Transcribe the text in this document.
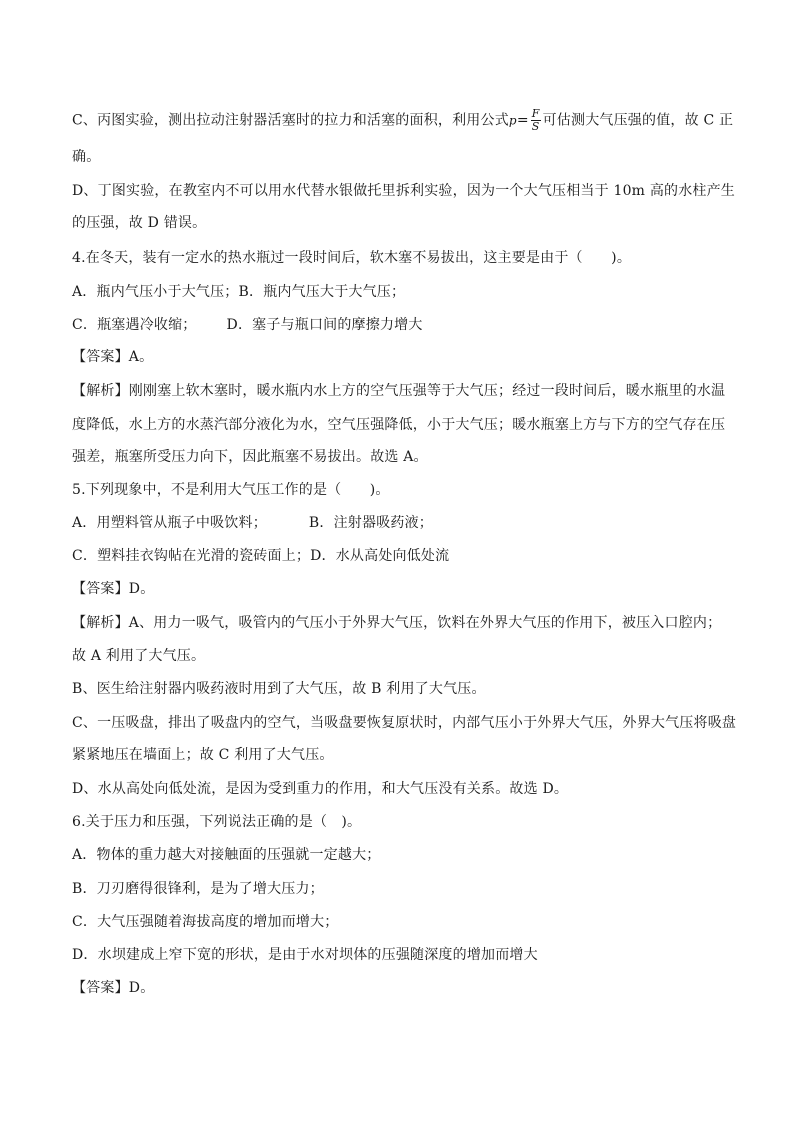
C、丙图实验，测出拉动注射器活塞时的拉力和活塞的面积，利用公式$p= \frac{F}{S}$ 可估测大气压强的值，故 C 正
确。
D、丁图实验，在教室内不可以用水代替水银做托里拆利实验，因为一个大气压相当于 10m 高的水柱产生
的压强，故 D 错误。
4.在冬天，装有一定水的热水瓶过一段时间后，软木塞不易拔出，这主要是由于（　　)。
A．瓶内气压小于大气压；B．瓶内气压大于大气压；
C．瓶塞遇冷收缩； D．塞子与瓶口间的摩擦力增大
【答案】A。
【解析】刚刚塞上软木塞时，暖水瓶内水上方的空气压强等于大气压；经过一段时间后，暖水瓶里的水温
度降低，水上方的水蒸汽部分液化为水，空气压强降低，小于大气压；暖水瓶塞上方与下方的空气存在压
强差，瓶塞所受压力向下，因此瓶塞不易拔出。故选 A。
5.下列现象中，不是利用大气压工作的是（　　)。
A．用塑料管从瓶子中吸饮料；	B．注射器吸药液；
C．塑料挂衣钩帖在光滑的瓷砖面上；D．水从高处向低处流
【答案】D。
【解析】A、用力一吸气，吸管内的气压小于外界大气压，饮料在外界大气压的作用下，被压入口腔内；
故 A 利用了大气压。
B、医生给注射器内吸药液时用到了大气压，故 B 利用了大气压。
C、一压吸盘，排出了吸盘内的空气，当吸盘要恢复原状时，内部气压小于外界大气压，外界大气压将吸盘
紧紧地压在墙面上；故 C 利用了大气压。
D、水从高处向低处流，是因为受到重力的作用，和大气压没有关系。故选 D。
6.关于压力和压强，下列说法正确的是（　)。
A．物体的重力越大对接触面的压强就一定越大；
B．刀刃磨得很锋利，是为了增大压力；
C．大气压强随着海拔高度的增加而增大；
D．水坝建成上窄下宽的形状，是由于水对坝体的压强随深度的增加而增大
【答案】D。
